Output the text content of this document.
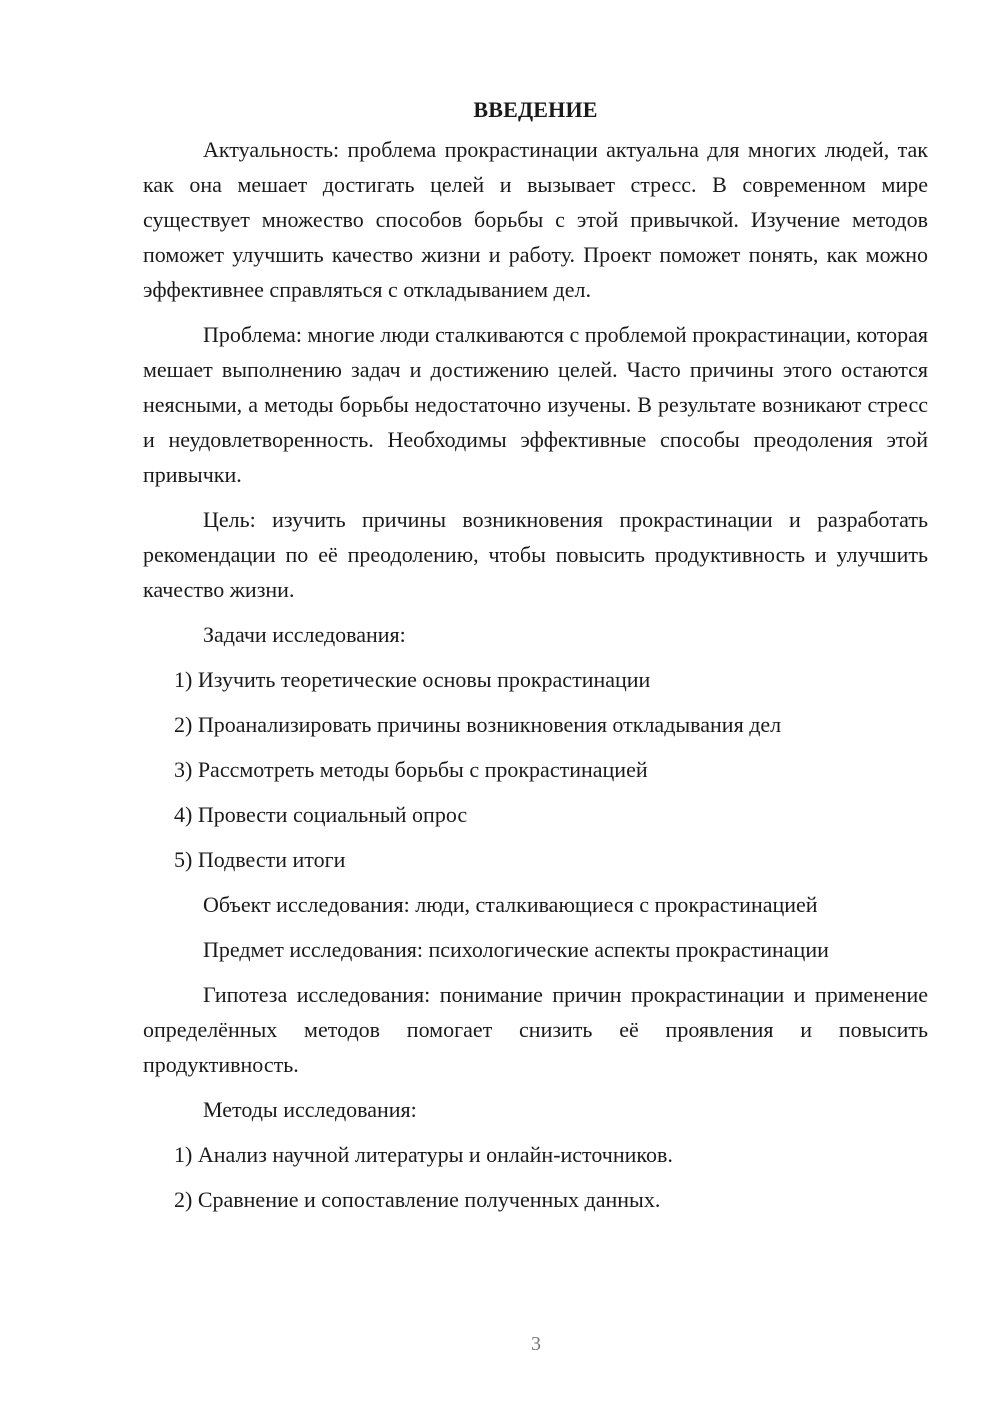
ВВЕДЕНИЕ

Актуальность: проблема прокрастинации актуальна для многих людей, так как она мешает достигать целей и вызывает стресс. В современном мире существует множество способов борьбы с этой привычкой. Изучение методов поможет улучшить качество жизни и работу. Проект поможет понять, как можно эффективнее справляться с откладыванием дел.

Проблема: многие люди сталкиваются с проблемой прокрастинации, которая мешает выполнению задач и достижению целей. Часто причины этого остаются неясными, а методы борьбы недостаточно изучены. В результате возникают стресс и неудовлетворенность. Необходимы эффективные способы преодоления этой привычки.

Цель: изучить причины возникновения прокрастинации и разработать рекомендации по её преодолению, чтобы повысить продуктивность и улучшить качество жизни.

Задачи исследования:
1) Изучить теоретические основы прокрастинации
2) Проанализировать причины возникновения откладывания дел
3) Рассмотреть методы борьбы с прокрастинацией
4) Провести социальный опрос
5) Подвести итоги
Объект исследования: люди, сталкивающиеся с прокрастинацией
Предмет исследования: психологические аспекты прокрастинации

Гипотеза исследования: понимание причин прокрастинации и применение определённых методов помогает снизить её проявления и повысить продуктивность.

Методы исследования:
1) Анализ научной литературы и онлайн-источников.
2) Сравнение и сопоставление полученных данных.
3
